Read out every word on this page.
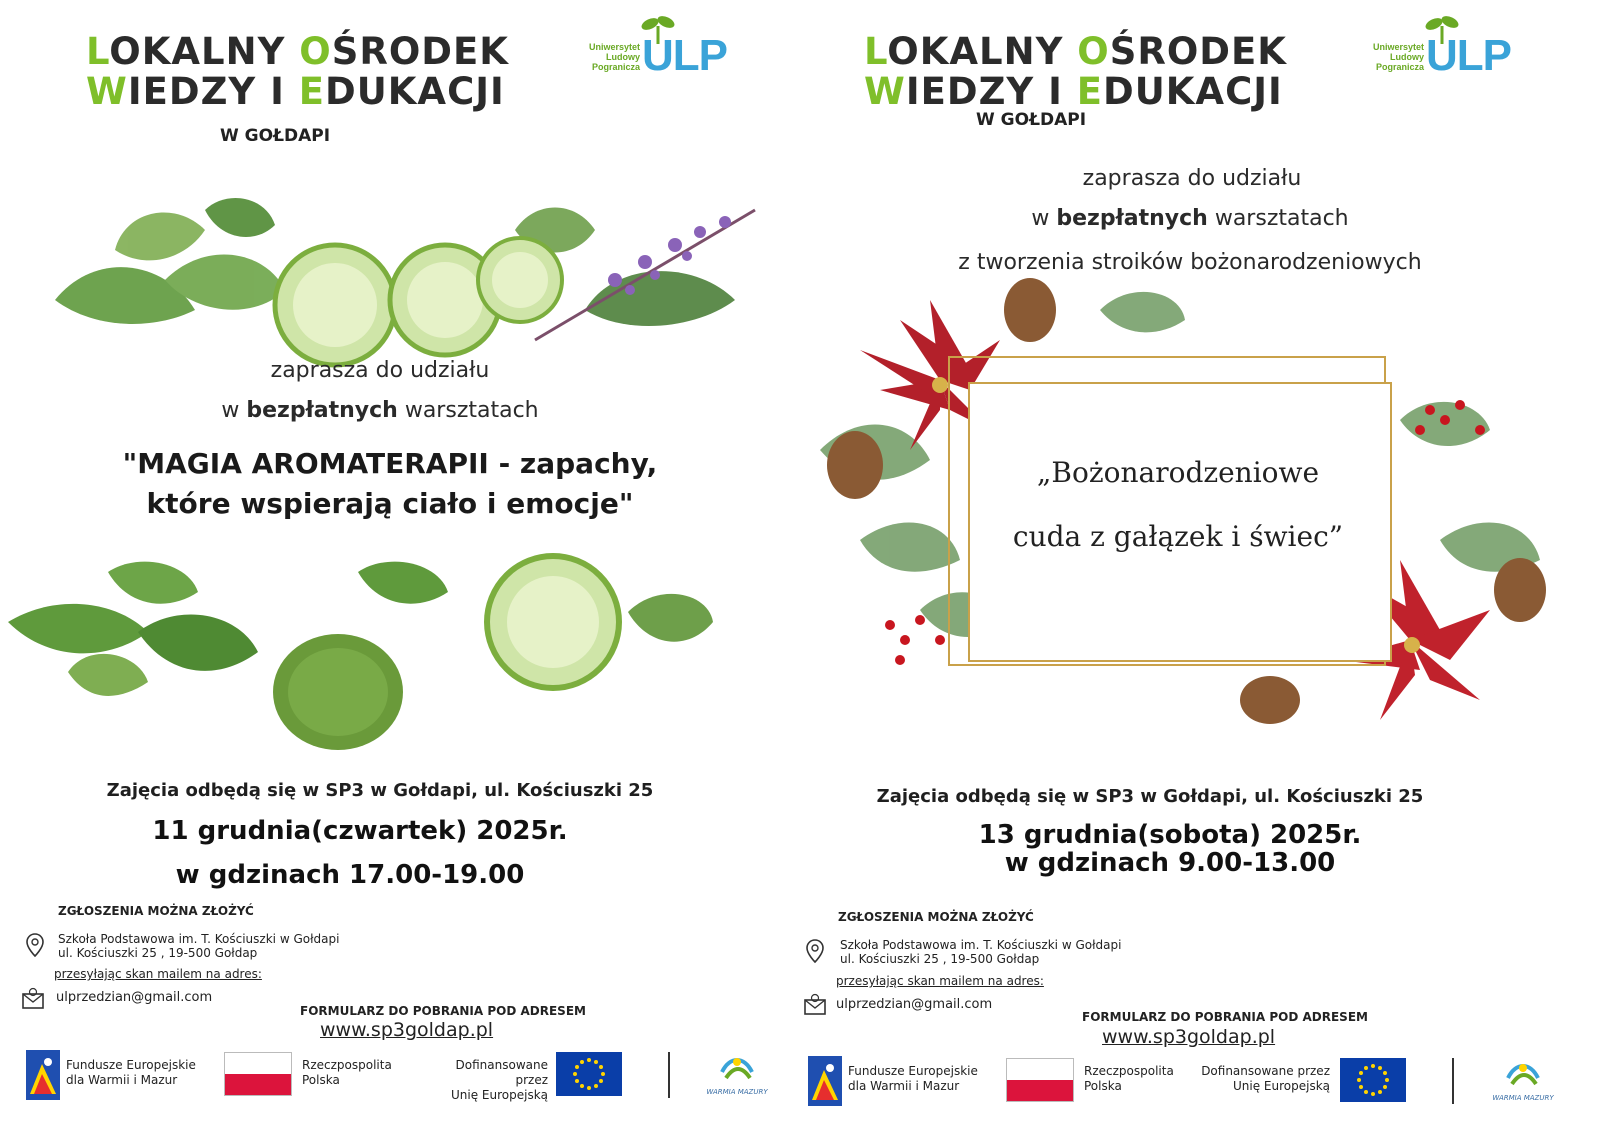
LOKALNY OŚRODEK
WIEDZY I EDUKACJI
W GOŁDAPI
Uniwersytet
Ludowy
Pogranicza ULP
zaprasza do udziału
w bezpłatnych warsztatach
"MAGIA AROMATERAPII - zapachy,
które wspierają ciało i emocje"
Zajęcia odbędą się w SP3 w Gołdapi, ul. Kościuszki 25
11 grudnia(czwartek) 2025r.
w gdzinach 17.00-19.00
ZGŁOSZENIA MOŻNA ZŁOŻYĆ
Szkoła Podstawowa im. T. Kościuszki w Gołdapi
ul. Kościuszki 25 , 19-500 Gołdap
przesyłając skan mailem na adres:
ulprzedzian@gmail.com
FORMULARZ DO POBRANIA POD ADRESEM
www.sp3goldap.pl
Fundusze Europejskie
dla Warmii i Mazur
Rzeczpospolita
Polska
Dofinansowane przez
Unię Europejską	WARMIA MAZURY
LOKALNY OŚRODEK
WIEDZY I EDUKACJI
W GOŁDAPI
Uniwersytet
Ludowy
Pogranicza ULP
zaprasza do udziału
w bezpłatnych warsztatach
z tworzenia stroików bożonarodzeniowych
„Bożonarodzeniowe
cuda z gałązek i świec”
Zajęcia odbędą się w SP3 w Gołdapi, ul. Kościuszki 25
13 grudnia(sobota) 2025r.
w gdzinach 9.00-13.00
ZGŁOSZENIA MOŻNA ZŁOŻYĆ
Szkoła Podstawowa im. T. Kościuszki w Gołdapi
ul. Kościuszki 25 , 19-500 Gołdap
przesyłając skan mailem na adres:
ulprzedzian@gmail.com
FORMULARZ DO POBRANIA POD ADRESEM
www.sp3goldap.pl
Fundusze Europejskie
dla Warmii i Mazur
Rzeczpospolita
Polska
Dofinansowane przez
Unię Europejską
WARMIA MAZURY
